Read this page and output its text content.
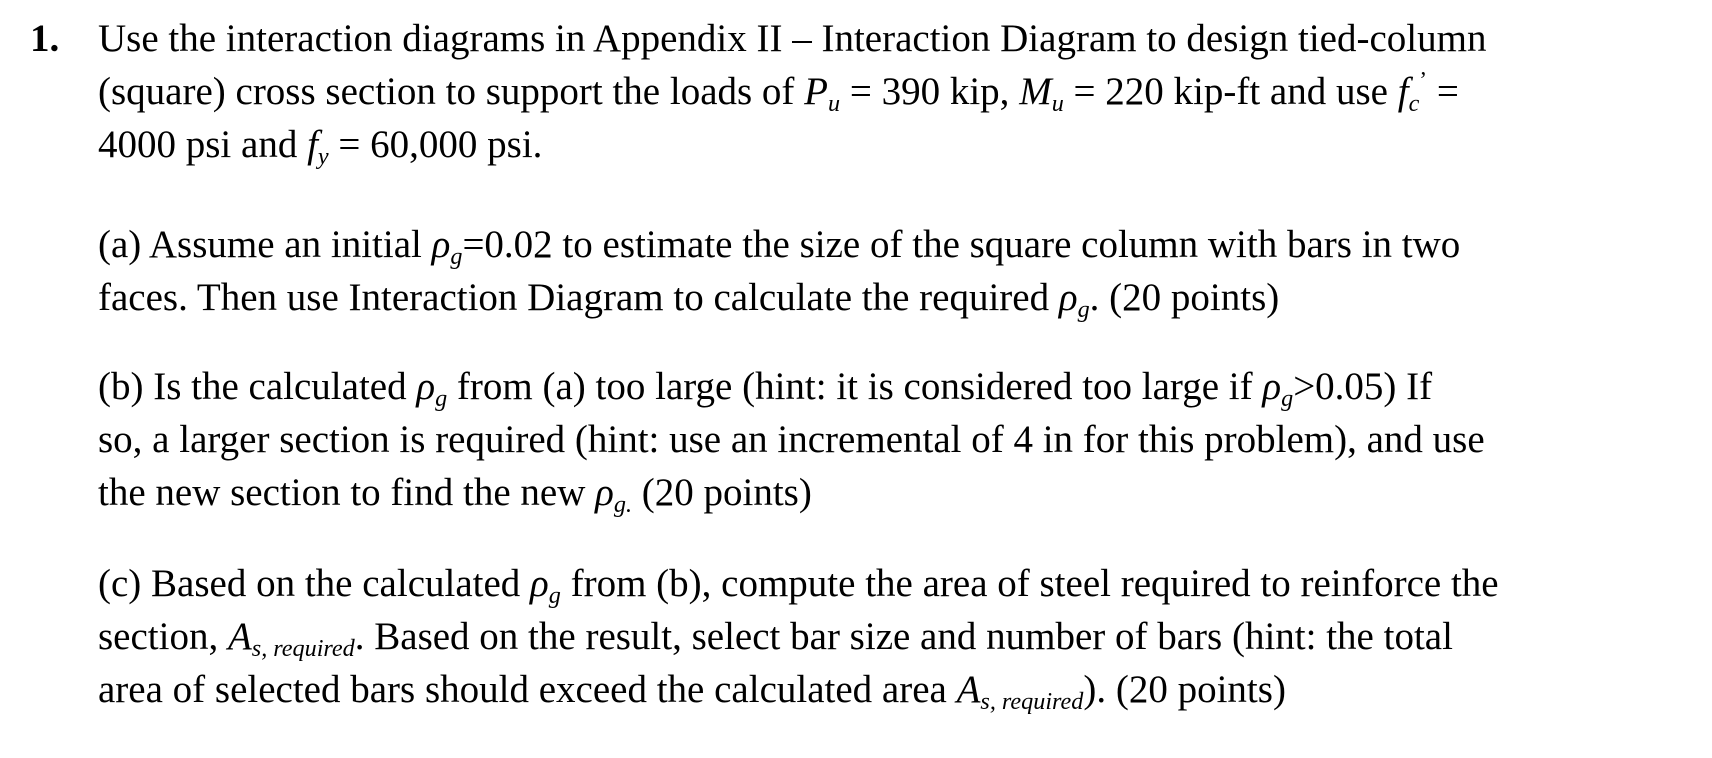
1. Use the interaction diagrams in Appendix II – Interaction Diagram to design tied-column
(square) cross section to support the loads of $P_u = 390$ kip, $M_u = 220$ kip-ft and use $f_c^’$ =
4000 psi and $f_y = 60,000$ psi.
(a) Assume an initial $\rho_g=0.02$ to estimate the size of the square column with bars in two
faces. Then use Interaction Diagram to calculate the required $\rho_g$. (20 points)
(b) Is the calculated $\rho_g$ from (a) too large (hint: it is considered too large if $\rho_g>0.05$) If
so, a larger section is required (hint: use an incremental of 4 in for this problem), and use
the new section to find the new $\rho_{g.}$ (20 points)
(c) Based on the calculated $\rho_g$ from (b), compute the area of steel required to reinforce the
section, $A_{s, required}$. Based on the result, select bar size and number of bars (hint: the total
area of selected bars should exceed the calculated area $A_{s, required}$). (20 points)
